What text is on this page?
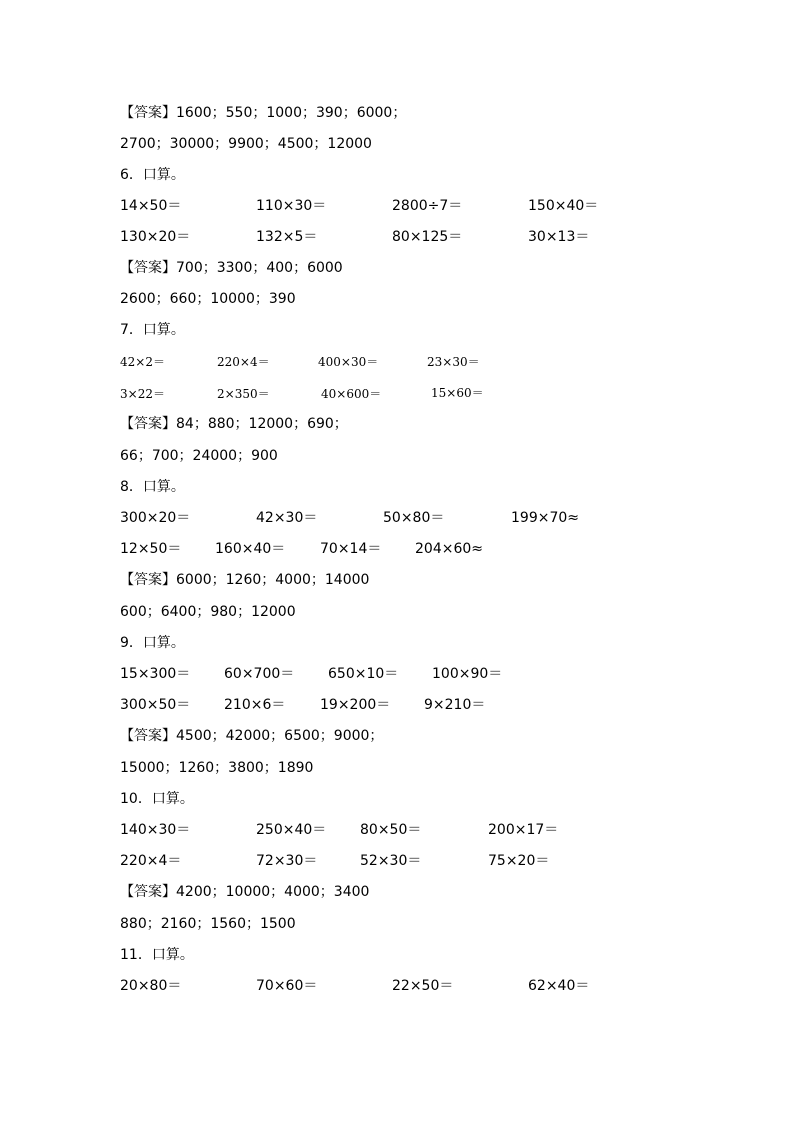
【答案】1600；550；1000；390；6000；
2700；30000；9900；4500；12000
6．口算。
14×50＝	110×30＝	2800÷7＝	150×40＝
130×20＝	132×5＝	80×125＝	30×13＝
【答案】700；3300；400；6000
2600；660；10000；390
7．口算。
42×2＝	220×4＝	400×30＝	23×30＝
3×22＝	2×350＝	40×600＝	15×60＝
【答案】84；880；12000；690；
66；700；24000；900
8．口算。
300×20＝	42×30＝	50×80＝	199×70≈
12×50＝ 160×40＝ 70×14＝ 204×60≈
【答案】6000；1260；4000；14000
600；6400；980；12000
9．口算。
15×300＝ 60×700＝ 650×10＝ 100×90＝
300×50＝ 210×6＝ 19×200＝ 9×210＝
【答案】4500；42000；6500；9000；
15000；1260；3800；1890
10．口算。
140×30＝	250×40＝ 80×50＝	200×17＝
220×4＝	72×30＝	52×30＝	75×20＝
【答案】4200；10000；4000；3400
880；2160；1560；1500
11．口算。
20×80＝	70×60＝	22×50＝	62×40＝
